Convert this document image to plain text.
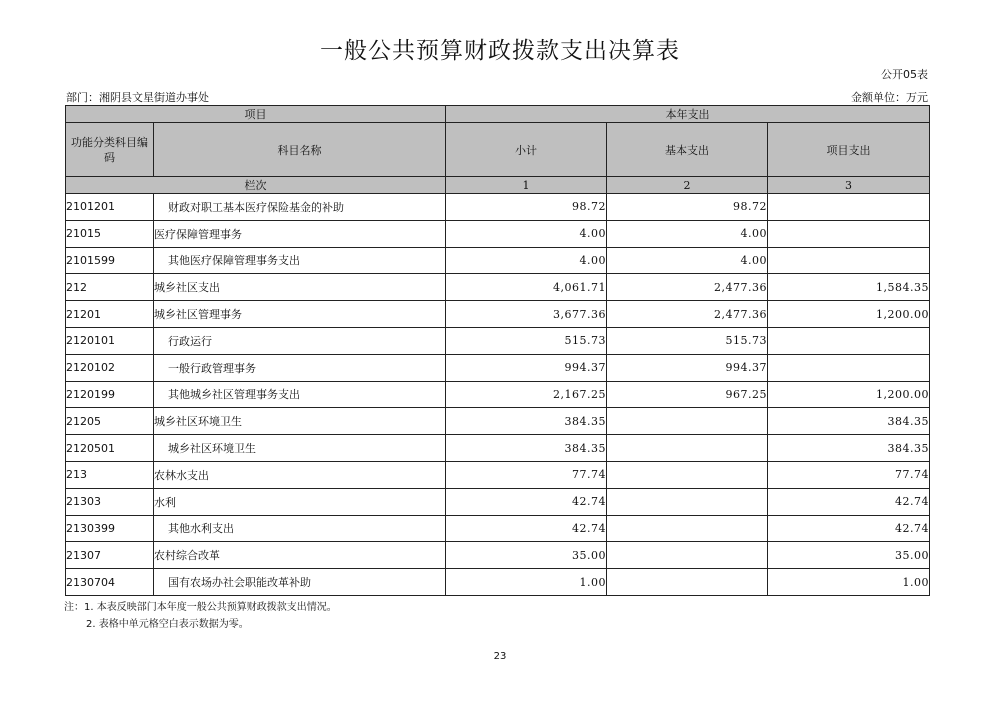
一般公共预算财政拨款支出决算表
公开05表
部门：湘阴县文星街道办事处	金额单位：万元
项目		本年支出		
功能分类科目编码	科目名称	小计	基本支出	项目支出
栏次		1	2	3
2101201	财政对职工基本医疗保险基金的补助	98.72	98.72	
21015	医疗保障管理事务	4.00	4.00	
2101599	其他医疗保障管理事务支出	4.00	4.00	
212	城乡社区支出	4,061.71	2,477.36	1,584.35
21201	城乡社区管理事务	3,677.36	2,477.36	1,200.00
2120101	行政运行	515.73	515.73	
2120102	一般行政管理事务	994.37	994.37	
2120199	其他城乡社区管理事务支出	2,167.25	967.25	1,200.00
21205	城乡社区环境卫生	384.35		384.35
2120501	城乡社区环境卫生	384.35		384.35
213	农林水支出	77.74		77.74
21303	水利	42.74		42.74
2130399	其他水利支出	42.74		42.74
21307	农村综合改革	35.00		35.00
2130704	国有农场办社会职能改革补助	1.00		1.00
注：1. 本表反映部门本年度一般公共预算财政拨款支出情况。
2. 表格中单元格空白表示数据为零。
23
